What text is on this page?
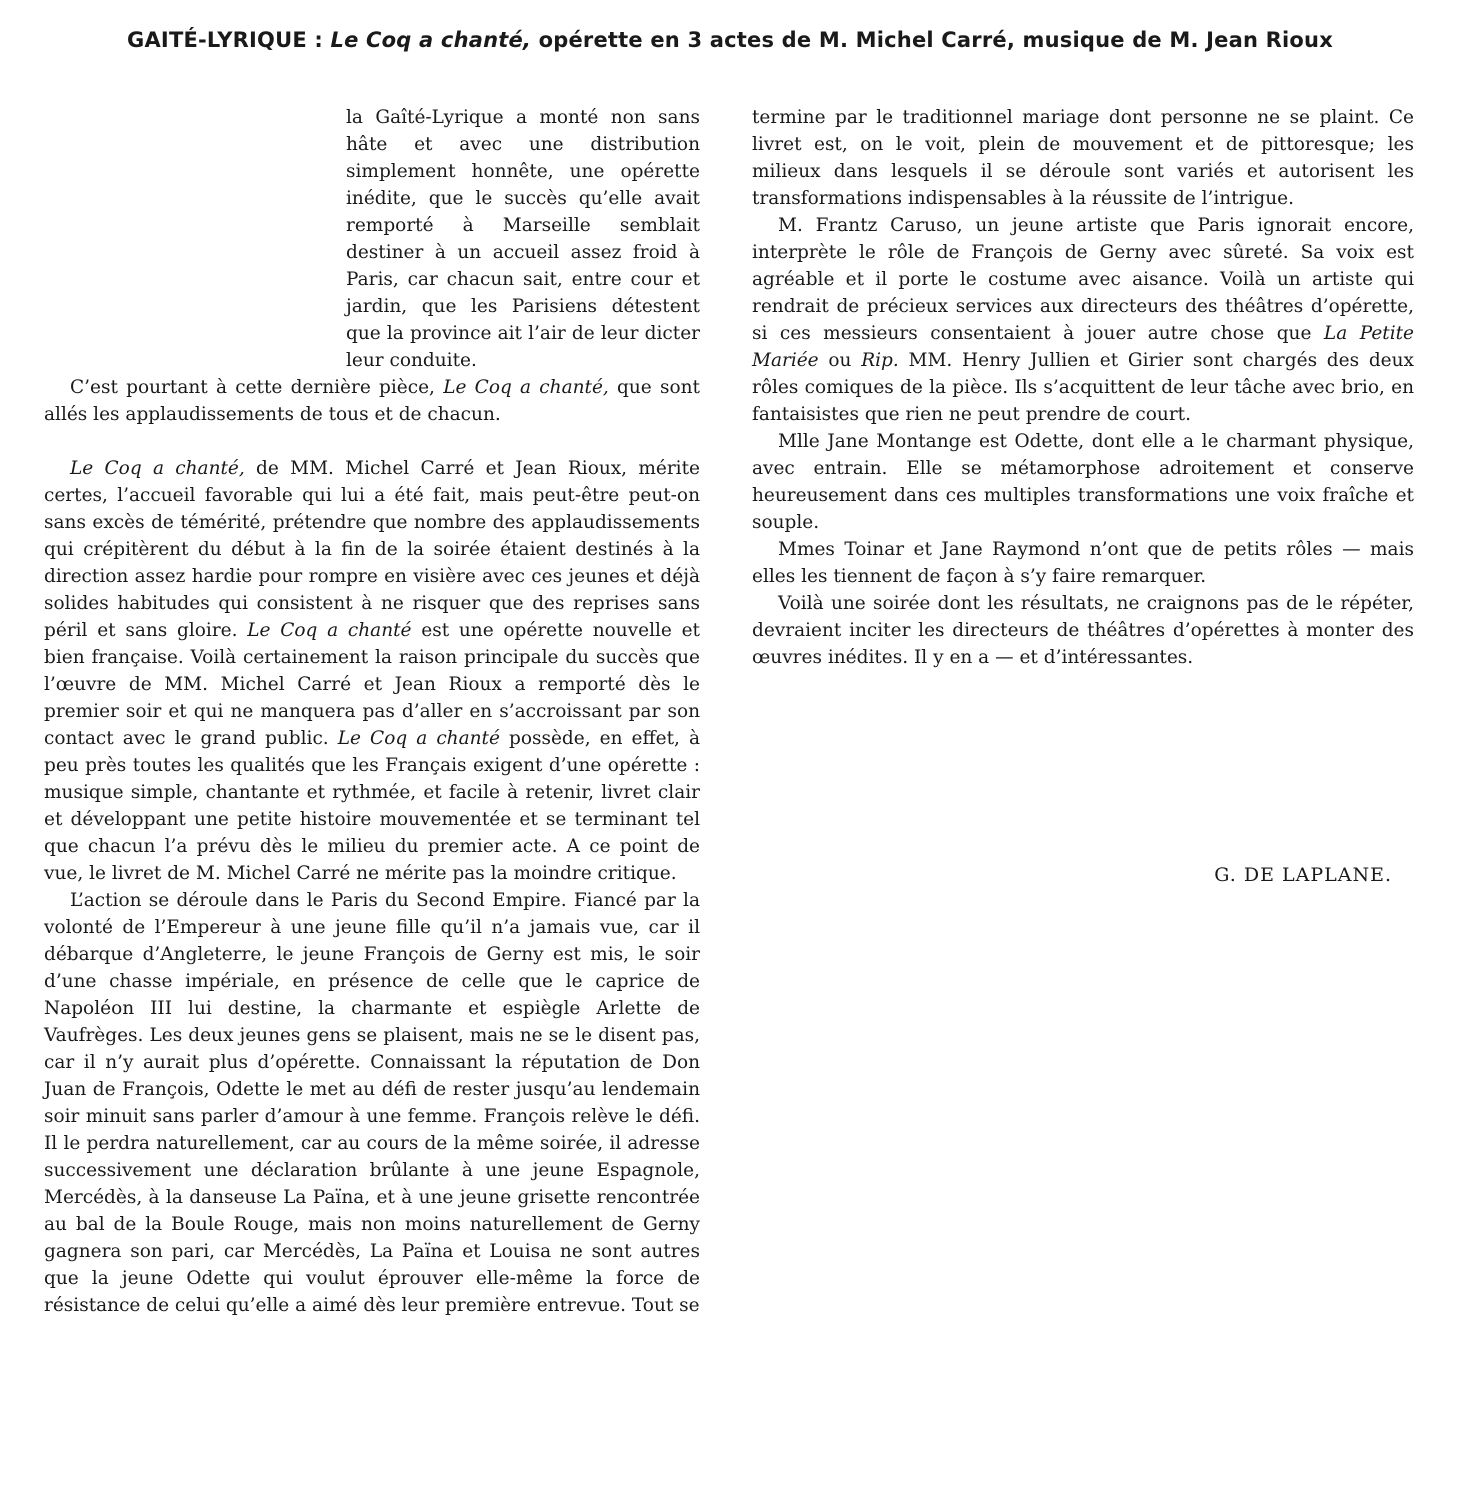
GAITÉ-LYRIQUE : Le Coq a chanté, opérette en 3 actes de M. Michel Carré, musique de M. Jean Rioux

la Gaîté-Lyrique a monté non sans hâte et avec une distribution simplement honnête, une opérette inédite, que le succès qu’elle avait remporté à Marseille semblait destiner à un accueil assez froid à Paris, car chacun sait, entre cour et jardin, que les Parisiens détestent que la province ait l’air de leur dicter leur conduite.

C’est pourtant à cette dernière pièce, Le Coq a chanté, que sont allés les applaudissements de tous et de chacun.

Le Coq a chanté, de MM. Michel Carré et Jean Rioux, mérite certes, l’accueil favorable qui lui a été fait, mais peut-être peut-on sans excès de témérité, prétendre que nombre des applaudissements qui crépitèrent du début à la fin de la soirée étaient destinés à la direction assez hardie pour rompre en visière avec ces jeunes et déjà solides habitudes qui consistent à ne risquer que des reprises sans péril et sans gloire. Le Coq a chanté est une opérette nouvelle et bien française. Voilà certainement la raison principale du succès que l’œuvre de MM. Michel Carré et Jean Rioux a remporté dès le premier soir et qui ne manquera pas d’aller en s’accroissant par son contact avec le grand public. Le Coq a chanté possède, en effet, à peu près toutes les qualités que les Français exigent d’une opérette : musique simple, chantante et rythmée, et facile à retenir, livret clair et développant une petite histoire mouvementée et se terminant tel que chacun l’a prévu dès le milieu du premier acte. A ce point de vue, le livret de M. Michel Carré ne mérite pas la moindre critique.

L’action se déroule dans le Paris du Second Empire. Fiancé par la volonté de l’Empereur à une jeune fille qu’il n’a jamais vue, car il débarque d’Angleterre, le jeune François de Gerny est mis, le soir d’une chasse impériale, en présence de celle que le caprice de Napoléon III lui destine, la charmante et espiègle Arlette de Vaufrèges. Les deux jeunes gens se plaisent, mais ne se le disent pas, car il n’y aurait plus d’opérette. Connaissant la réputation de Don Juan de François, Odette le met au défi de rester jusqu’au lendemain soir minuit sans parler d’amour à une femme. François relève le défi. Il le perdra naturellement, car au cours de la même soirée, il adresse successivement une déclaration brûlante à une jeune Espagnole, Mercédès, à la danseuse La Païna, et à une jeune grisette rencontrée au bal de la Boule Rouge, mais non moins naturellement de Gerny gagnera son pari, car Mercédès, La Païna et Louisa ne sont autres que la jeune Odette qui voulut éprouver elle-même la force de résistance de celui qu’elle a aimé dès leur première entrevue. Tout se

termine par le traditionnel mariage dont personne ne se plaint. Ce livret est, on le voit, plein de mouvement et de pittoresque; les milieux dans lesquels il se déroule sont variés et autorisent les transformations indispensables à la réussite de l’intrigue.

M. Frantz Caruso, un jeune artiste que Paris ignorait encore, interprète le rôle de François de Gerny avec sûreté. Sa voix est agréable et il porte le costume avec aisance. Voilà un artiste qui rendrait de précieux services aux directeurs des théâtres d’opérette, si ces messieurs consentaient à jouer autre chose que La Petite Mariée ou Rip. MM. Henry Jullien et Girier sont chargés des deux rôles comiques de la pièce. Ils s’acquittent de leur tâche avec brio, en fantaisistes que rien ne peut prendre de court.

Mlle Jane Montange est Odette, dont elle a le charmant physique, avec entrain. Elle se métamorphose adroitement et conserve heureusement dans ces multiples transformations une voix fraîche et souple.

Mmes Toinar et Jane Raymond n’ont que de petits rôles — mais elles les tiennent de façon à s’y faire remarquer.

Voilà une soirée dont les résultats, ne craignons pas de le répéter, devraient inciter les directeurs de théâtres d’opérettes à monter des œuvres inédites. Il y en a — et d’intéressantes.

G. DE LAPLANE.
